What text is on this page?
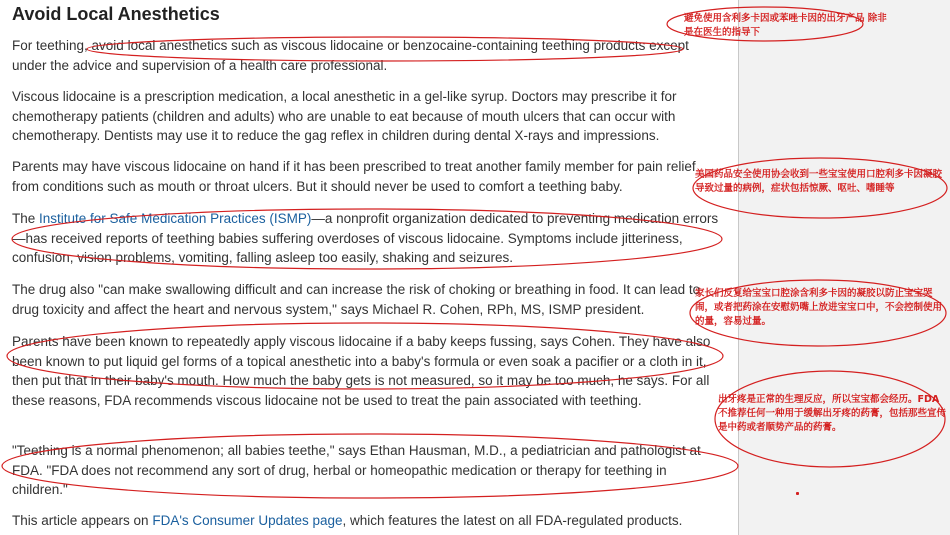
Avoid Local Anesthetics

For teething, avoid local anesthetics such as viscous lidocaine or benzocaine-containing teething products except under the advice and supervision of a health care professional.

Viscous lidocaine is a prescription medication, a local anesthetic in a gel-like syrup. Doctors may prescribe it for chemotherapy patients (children and adults) who are unable to eat because of mouth ulcers that can occur with chemotherapy. Dentists may use it to reduce the gag reflex in children during dental X-rays and impressions.

Parents may have viscous lidocaine on hand if it has been prescribed to treat another family member for pain relief from conditions such as mouth or throat ulcers. But it should never be used to comfort a teething baby.

The Institute for Safe Medication Practices (ISMP)—a nonprofit organization dedicated to preventing medication errors—has received reports of teething babies suffering overdoses of viscous lidocaine. Symptoms include jitteriness, confusion, vision problems, vomiting, falling asleep too easily, shaking and seizures.

The drug also "can make swallowing difficult and can increase the risk of choking or breathing in food. It can lead to drug toxicity and affect the heart and nervous system," says Michael R. Cohen, RPh, MS, ISMP president.

Parents have been known to repeatedly apply viscous lidocaine if a baby keeps fussing, says Cohen. They have also been known to put liquid gel forms of a topical anesthetic into a baby's formula or even soak a pacifier or a cloth in it, then put that in their baby's mouth. How much the baby gets is not measured, so it may be too much, he says. For all these reasons, FDA recommends viscous lidocaine not be used to treat the pain associated with teething.

"Teething is a normal phenomenon; all babies teethe," says Ethan Hausman, M.D., a pediatrician and pathologist at FDA. "FDA does not recommend any sort of drug, herbal or homeopathic medication or therapy for teething in children."

This article appears on FDA's Consumer Updates page, which features the latest on all FDA-regulated products.

避免使用含利多卡因或苯唑卡因的出牙产品 除非是在医生的指导下

美国药品安全使用协会收到一些宝宝使用口腔利多卡因凝胶导致过量的病例，症状包括惊厥、呕吐、嗜睡等

家长们反复给宝宝口腔涂含利多卡因的凝胶以防止宝宝哭闹，或者把药涂在安慰奶嘴上放进宝宝口中，不会控制使用的量，容易过量。

出牙疼是正常的生理反应，所以宝宝都会经历。FDA不推荐任何一种用于缓解出牙疼的药膏，包括那些宣传是中药或者顺势产品的药膏。
